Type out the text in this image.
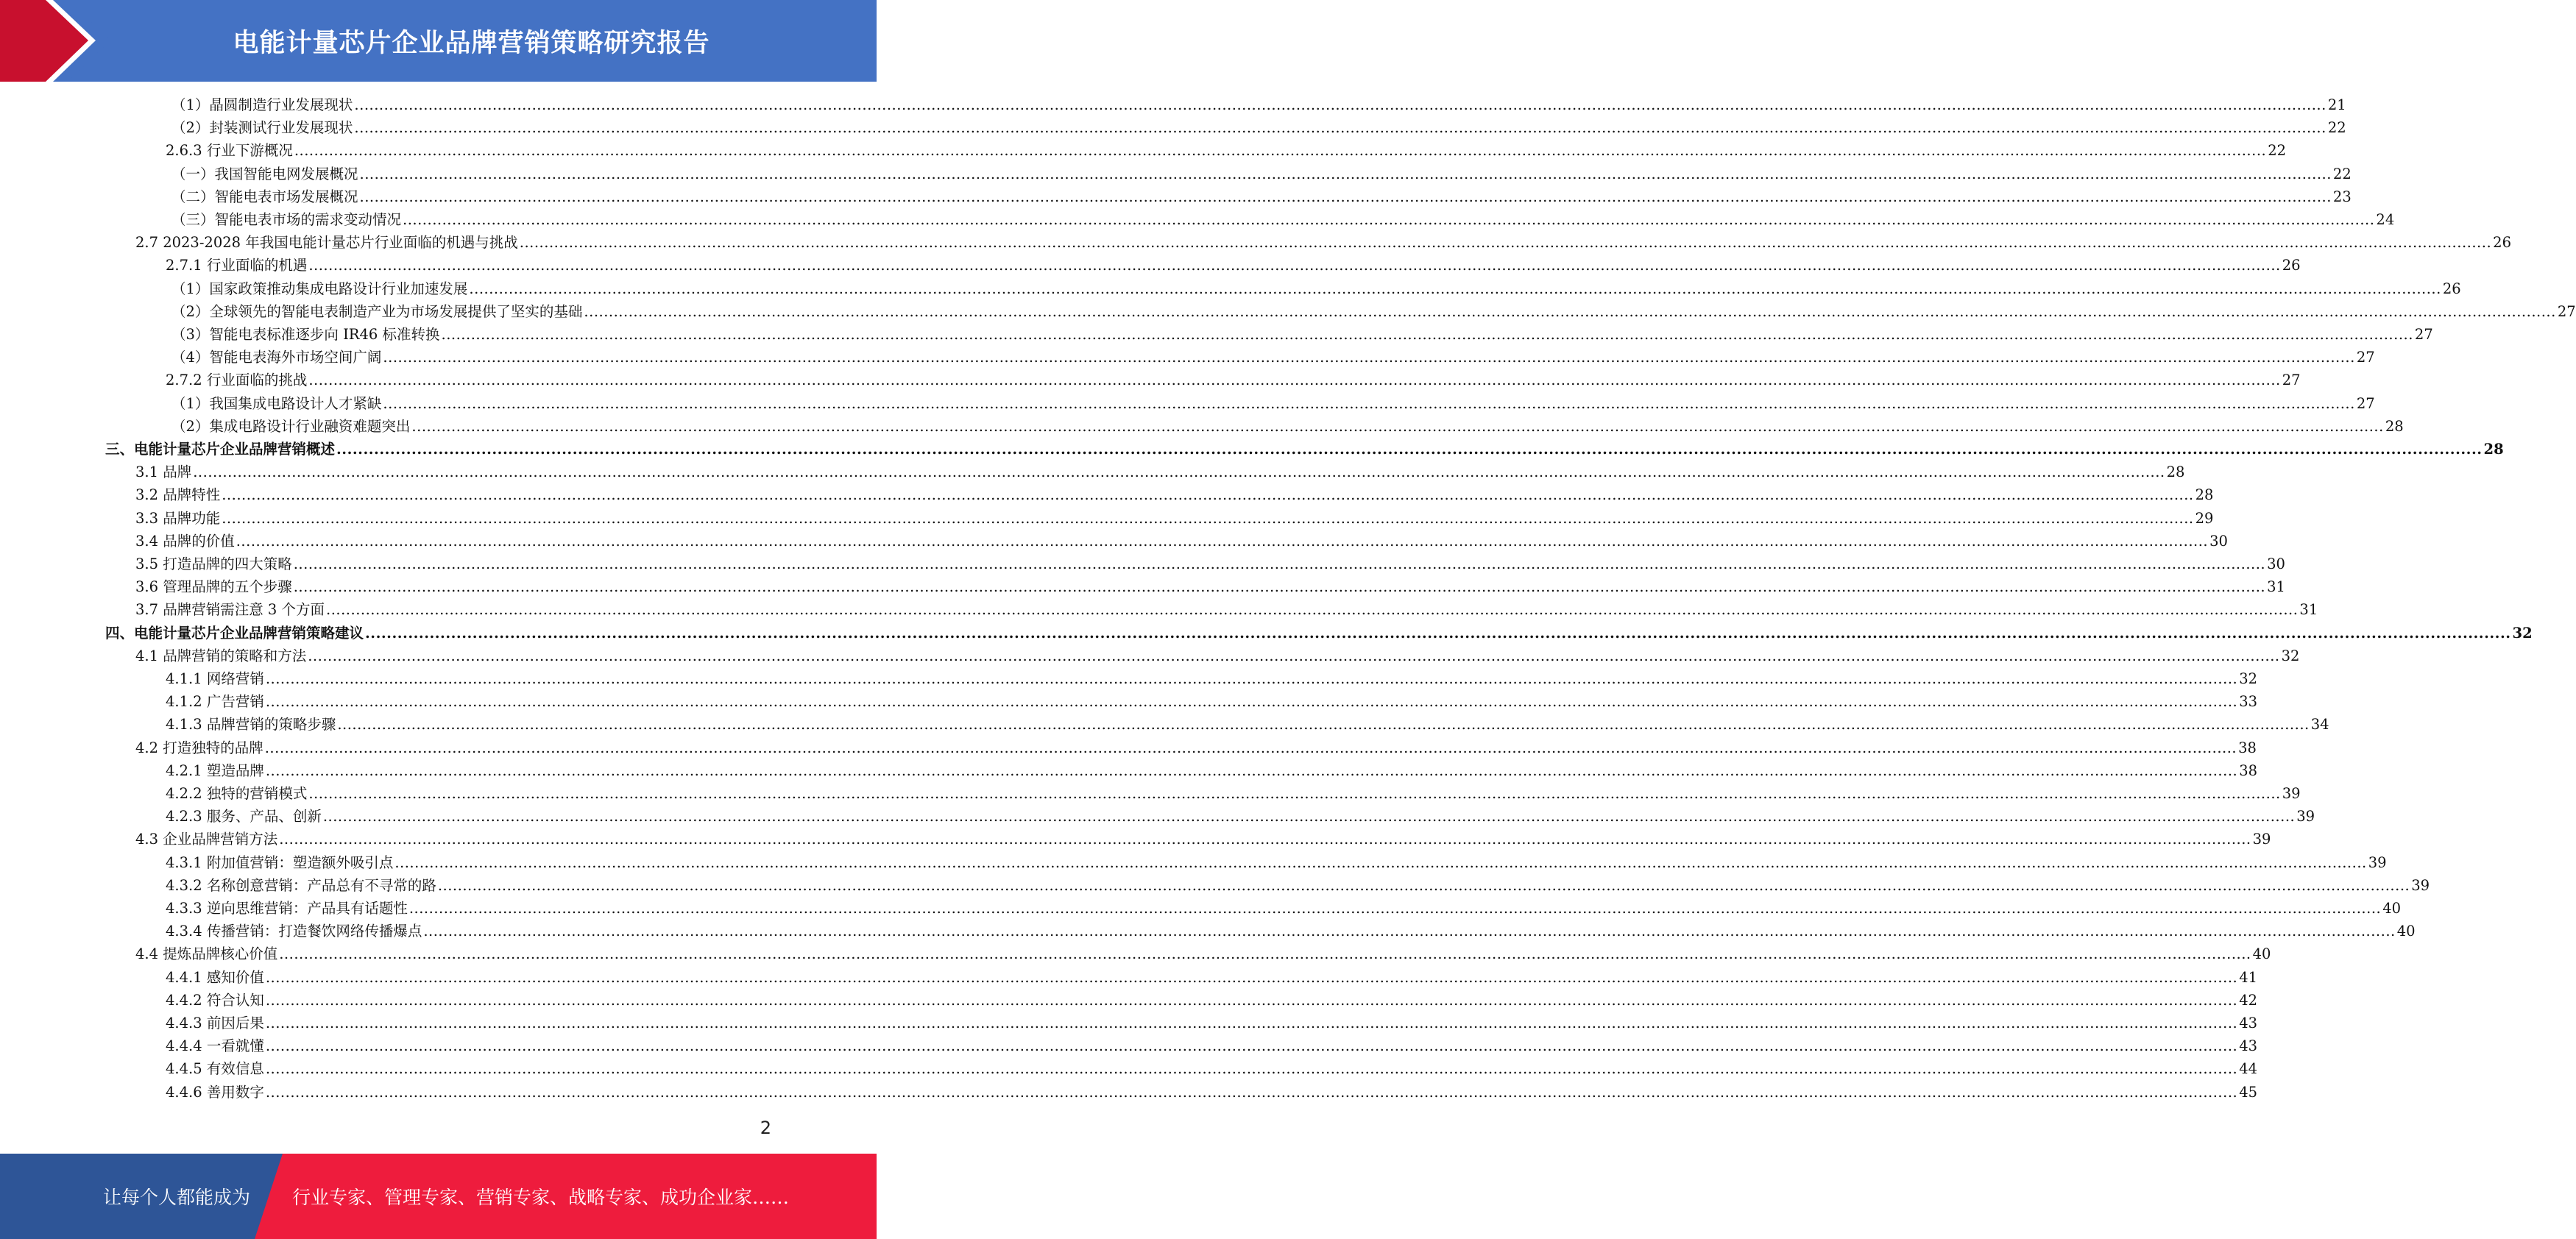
电能计量芯片企业品牌营销策略研究报告
（1）晶圆制造行业发展现状 ................................................................................................................................................................................................................................................................................................................................................................................................................ 21
（2）封装测试行业发展现状 ................................................................................................................................................................................................................................................................................................................................................................................................................ 22
2.6.3 行业下游概况 ................................................................................................................................................................................................................................................................................................................................................................................................................ 22
（一）我国智能电网发展概况 ................................................................................................................................................................................................................................................................................................................................................................................................................ 22
（二）智能电表市场发展概况 ................................................................................................................................................................................................................................................................................................................................................................................................................ 23
（三）智能电表市场的需求变动情况 ................................................................................................................................................................................................................................................................................................................................................................................................................ 24
2.7 2023-2028 年我国电能计量芯片行业面临的机遇与挑战 ................................................................................................................................................................................................................................................................................................................................................................................................................ 26
2.7.1 行业面临的机遇 ................................................................................................................................................................................................................................................................................................................................................................................................................ 26
（1）国家政策推动集成电路设计行业加速发展 ................................................................................................................................................................................................................................................................................................................................................................................................................ 26
（2）全球领先的智能电表制造产业为市场发展提供了坚实的基础 ................................................................................................................................................................................................................................................................................................................................................................................................................ 27
（3）智能电表标准逐步向 IR46 标准转换 ................................................................................................................................................................................................................................................................................................................................................................................................................ 27
（4）智能电表海外市场空间广阔 ................................................................................................................................................................................................................................................................................................................................................................................................................ 27
2.7.2 行业面临的挑战 ................................................................................................................................................................................................................................................................................................................................................................................................................ 27
（1）我国集成电路设计人才紧缺 ................................................................................................................................................................................................................................................................................................................................................................................................................ 27
（2）集成电路设计行业融资难题突出 ................................................................................................................................................................................................................................................................................................................................................................................................................ 28
三、电能计量芯片企业品牌营销概述 ................................................................................................................................................................................................................................................................................................................................................................................................................ 28
3.1 品牌 ................................................................................................................................................................................................................................................................................................................................................................................................................ 28
3.2 品牌特性 ................................................................................................................................................................................................................................................................................................................................................................................................................ 28
3.3 品牌功能 ................................................................................................................................................................................................................................................................................................................................................................................................................ 29
3.4 品牌的价值 ................................................................................................................................................................................................................................................................................................................................................................................................................ 30
3.5 打造品牌的四大策略 ................................................................................................................................................................................................................................................................................................................................................................................................................ 30
3.6 管理品牌的五个步骤 ................................................................................................................................................................................................................................................................................................................................................................................................................ 31
3.7 品牌营销需注意 3 个方面 ................................................................................................................................................................................................................................................................................................................................................................................................................ 31
四、电能计量芯片企业品牌营销策略建议 ................................................................................................................................................................................................................................................................................................................................................................................................................ 32
4.1 品牌营销的策略和方法 ................................................................................................................................................................................................................................................................................................................................................................................................................ 32
4.1.1 网络营销 ................................................................................................................................................................................................................................................................................................................................................................................................................ 32
4.1.2 广告营销 ................................................................................................................................................................................................................................................................................................................................................................................................................ 33
4.1.3 品牌营销的策略步骤 ................................................................................................................................................................................................................................................................................................................................................................................................................ 34
4.2 打造独特的品牌 ................................................................................................................................................................................................................................................................................................................................................................................................................ 38
4.2.1 塑造品牌 ................................................................................................................................................................................................................................................................................................................................................................................................................ 38
4.2.2 独特的营销模式 ................................................................................................................................................................................................................................................................................................................................................................................................................ 39
4.2.3 服务、产品、创新 ................................................................................................................................................................................................................................................................................................................................................................................................................ 39
4.3 企业品牌营销方法 ................................................................................................................................................................................................................................................................................................................................................................................................................ 39
4.3.1 附加值营销：塑造额外吸引点 ................................................................................................................................................................................................................................................................................................................................................................................................................ 39
4.3.2 名称创意营销：产品总有不寻常的路 ................................................................................................................................................................................................................................................................................................................................................................................................................ 39
4.3.3 逆向思维营销：产品具有话题性 ................................................................................................................................................................................................................................................................................................................................................................................................................ 40
4.3.4 传播营销：打造餐饮网络传播爆点 ................................................................................................................................................................................................................................................................................................................................................................................................................ 40
4.4 提炼品牌核心价值 ................................................................................................................................................................................................................................................................................................................................................................................................................ 40
4.4.1 感知价值 ................................................................................................................................................................................................................................................................................................................................................................................................................ 41
4.4.2 符合认知 ................................................................................................................................................................................................................................................................................................................................................................................................................ 42
4.4.3 前因后果 ................................................................................................................................................................................................................................................................................................................................................................................................................ 43
4.4.4 一看就懂 ................................................................................................................................................................................................................................................................................................................................................................................................................ 43
4.4.5 有效信息 ................................................................................................................................................................................................................................................................................................................................................................................................................ 44
4.4.6 善用数字 ................................................................................................................................................................................................................................................................................................................................................................................................................ 45
2
让每个人都能成为 行业专家、管理专家、营销专家、战略专家、成功企业家……
